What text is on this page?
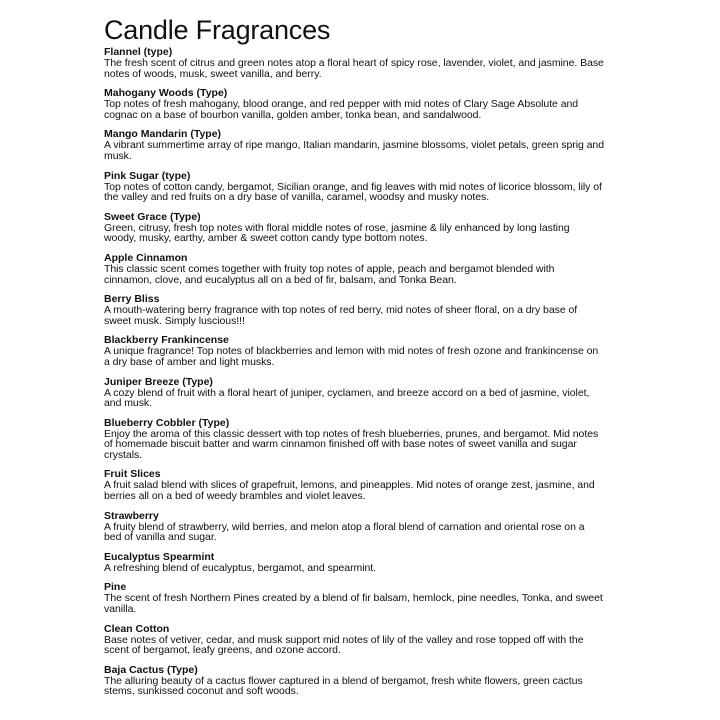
Candle Fragrances

Flannel (type)

The fresh scent of citrus and green notes atop a floral heart of spicy rose, lavender, violet, and jasmine. Base notes of woods, musk, sweet vanilla, and berry.

Mahogany Woods (Type)

Top notes of fresh mahogany, blood orange, and red pepper with mid notes of Clary Sage Absolute and cognac on a base of bourbon vanilla, golden amber, tonka bean, and sandalwood.

Mango Mandarin (Type)

A vibrant summertime array of ripe mango, Italian mandarin, jasmine blossoms, violet petals, green sprig and musk.

Pink Sugar (type)

Top notes of cotton candy, bergamot, Sicilian orange, and fig leaves with mid notes of licorice blossom, lily of the valley and red fruits on a dry base of vanilla, caramel, woodsy and musky notes.

Sweet Grace (Type)

Green, citrusy, fresh top notes with floral middle notes of rose, jasmine & lily enhanced by long lasting woody, musky, earthy, amber & sweet cotton candy type bottom notes.

Apple Cinnamon

This classic scent comes together with fruity top notes of apple, peach and bergamot blended with cinnamon, clove, and eucalyptus all on a bed of fir, balsam, and Tonka Bean.

Berry Bliss

A mouth-watering berry fragrance with top notes of red berry, mid notes of sheer floral, on a dry base of sweet musk. Simply luscious!!!

Blackberry Frankincense

A unique fragrance! Top notes of blackberries and lemon with mid notes of fresh ozone and frankincense on a dry base of amber and light musks.

Juniper Breeze (Type)

A cozy blend of fruit with a floral heart of juniper, cyclamen, and breeze accord on a bed of jasmine, violet, and musk.

Blueberry Cobbler (Type)

Enjoy the aroma of this classic dessert with top notes of fresh blueberries, prunes, and bergamot. Mid notes of homemade biscuit batter and warm cinnamon finished off with base notes of sweet vanilla and sugar crystals.

Fruit Slices

A fruit salad blend with slices of grapefruit, lemons, and pineapples. Mid notes of orange zest, jasmine, and berries all on a bed of weedy brambles and violet leaves.

Strawberry

A fruity blend of strawberry, wild berries, and melon atop a floral blend of carnation and oriental rose on a bed of vanilla and sugar.

Eucalyptus Spearmint

A refreshing blend of eucalyptus, bergamot, and spearmint.

Pine

The scent of fresh Northern Pines created by a blend of fir balsam, hemlock, pine needles, Tonka, and sweet vanilla.

Clean Cotton

Base notes of vetiver, cedar, and musk support mid notes of lily of the valley and rose topped off with the scent of bergamot, leafy greens, and ozone accord.

Baja Cactus (Type)

The alluring beauty of a cactus flower captured in a blend of bergamot, fresh white flowers, green cactus stems, sunkissed coconut and soft woods.
